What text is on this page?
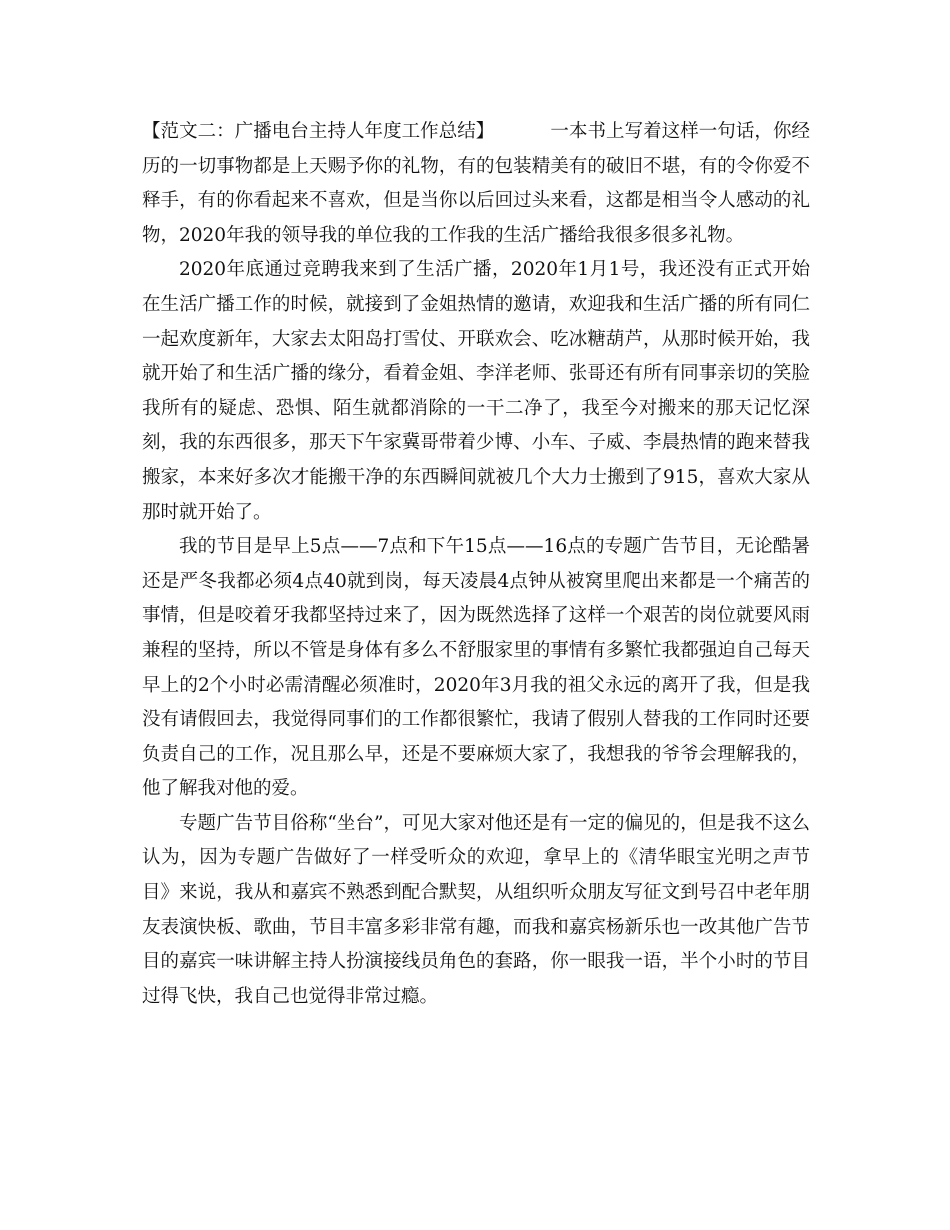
【范文二：广播电台主持人年度工作总结】	一本书上写着这样一句话，你经历的一切事物都是上天赐予你的礼物，有的包装精美有的破旧不堪，有的令你爱不释手，有的你看起来不喜欢，但是当你以后回过头来看，这都是相当令人感动的礼物，2020年我的领导我的单位我的工作我的生活广播给我很多很多礼物。

2020年底通过竞聘我来到了生活广播，2020年1月1号，我还没有正式开始在生活广播工作的时候，就接到了金姐热情的邀请，欢迎我和生活广播的所有同仁一起欢度新年，大家去太阳岛打雪仗、开联欢会、吃冰糖葫芦，从那时候开始，我就开始了和生活广播的缘分，看着金姐、李洋老师、张哥还有所有同事亲切的笑脸我所有的疑虑、恐惧、陌生就都消除的一干二净了，我至今对搬来的那天记忆深刻，我的东西很多，那天下午家冀哥带着少博、小车、子威、李晨热情的跑来替我搬家，本来好多次才能搬干净的东西瞬间就被几个大力士搬到了915，喜欢大家从那时就开始了。

我的节目是早上5点——7点和下午15点——16点的专题广告节目，无论酷暑还是严冬我都必须4点40就到岗，每天凌晨4点钟从被窝里爬出来都是一个痛苦的事情，但是咬着牙我都坚持过来了，因为既然选择了这样一个艰苦的岗位就要风雨兼程的坚持，所以不管是身体有多么不舒服家里的事情有多繁忙我都强迫自己每天早上的2个小时必需清醒必须准时，2020年3月我的祖父永远的离开了我，但是我没有请假回去，我觉得同事们的工作都很繁忙，我请了假别人替我的工作同时还要负责自己的工作，况且那么早，还是不要麻烦大家了，我想我的爷爷会理解我的，他了解我对他的爱。

专题广告节目俗称“坐台”，可见大家对他还是有一定的偏见的，但是我不这么认为，因为专题广告做好了一样受听众的欢迎，拿早上的《清华眼宝光明之声节目》来说，我从和嘉宾不熟悉到配合默契，从组织听众朋友写征文到号召中老年朋友表演快板、歌曲，节目丰富多彩非常有趣，而我和嘉宾杨新乐也一改其他广告节目的嘉宾一味讲解主持人扮演接线员角色的套路，你一眼我一语，半个小时的节目过得飞快，我自己也觉得非常过瘾。
